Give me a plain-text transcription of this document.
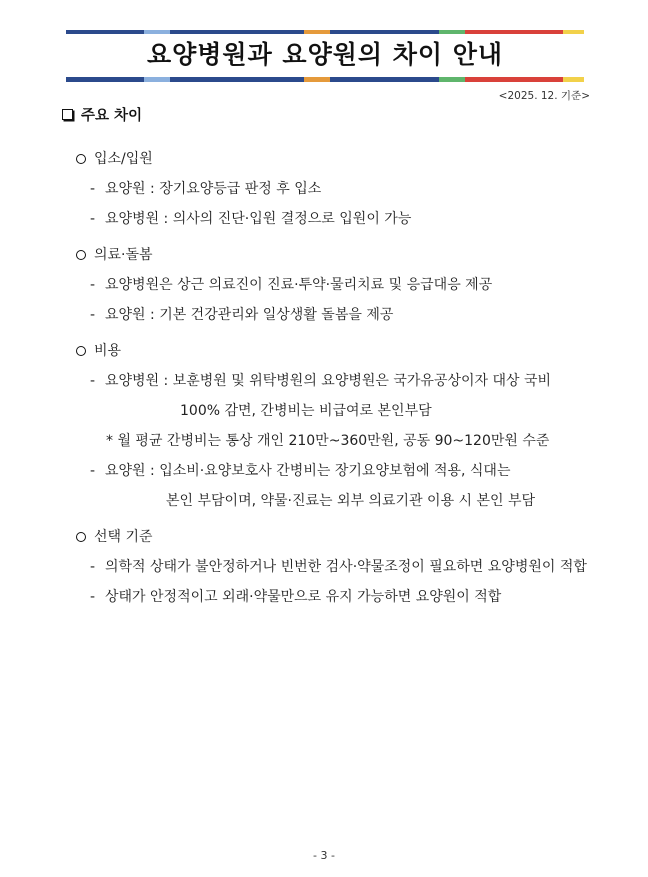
요양병원과 요양원의 차이 안내
<2025. 12. 기준>
주요 차이
입소/입원
- 요양원 : 장기요양등급 판정 후 입소
- 요양병원 : 의사의 진단·입원 결정으로 입원이 가능
의료·돌봄
- 요양병원은 상근 의료진이 진료·투약·물리치료 및 응급대응 제공
- 요양원 : 기본 건강관리와 일상생활 돌봄을 제공
비용
- 요양병원 : 보훈병원 및 위탁병원의 요양병원은 국가유공상이자 대상 국비
100% 감면, 간병비는 비급여로 본인부담
* 월 평균 간병비는 통상 개인 210만~360만원, 공동 90~120만원 수준
- 요양원 : 입소비·요양보호사 간병비는 장기요양보험에 적용, 식대는
본인 부담이며, 약물·진료는 외부 의료기관 이용 시 본인 부담
선택 기준
- 의학적 상태가 불안정하거나 빈번한 검사·약물조정이 필요하면 요양병원이 적합
- 상태가 안정적이고 외래·약물만으로 유지 가능하면 요양원이 적합
- 3 -
